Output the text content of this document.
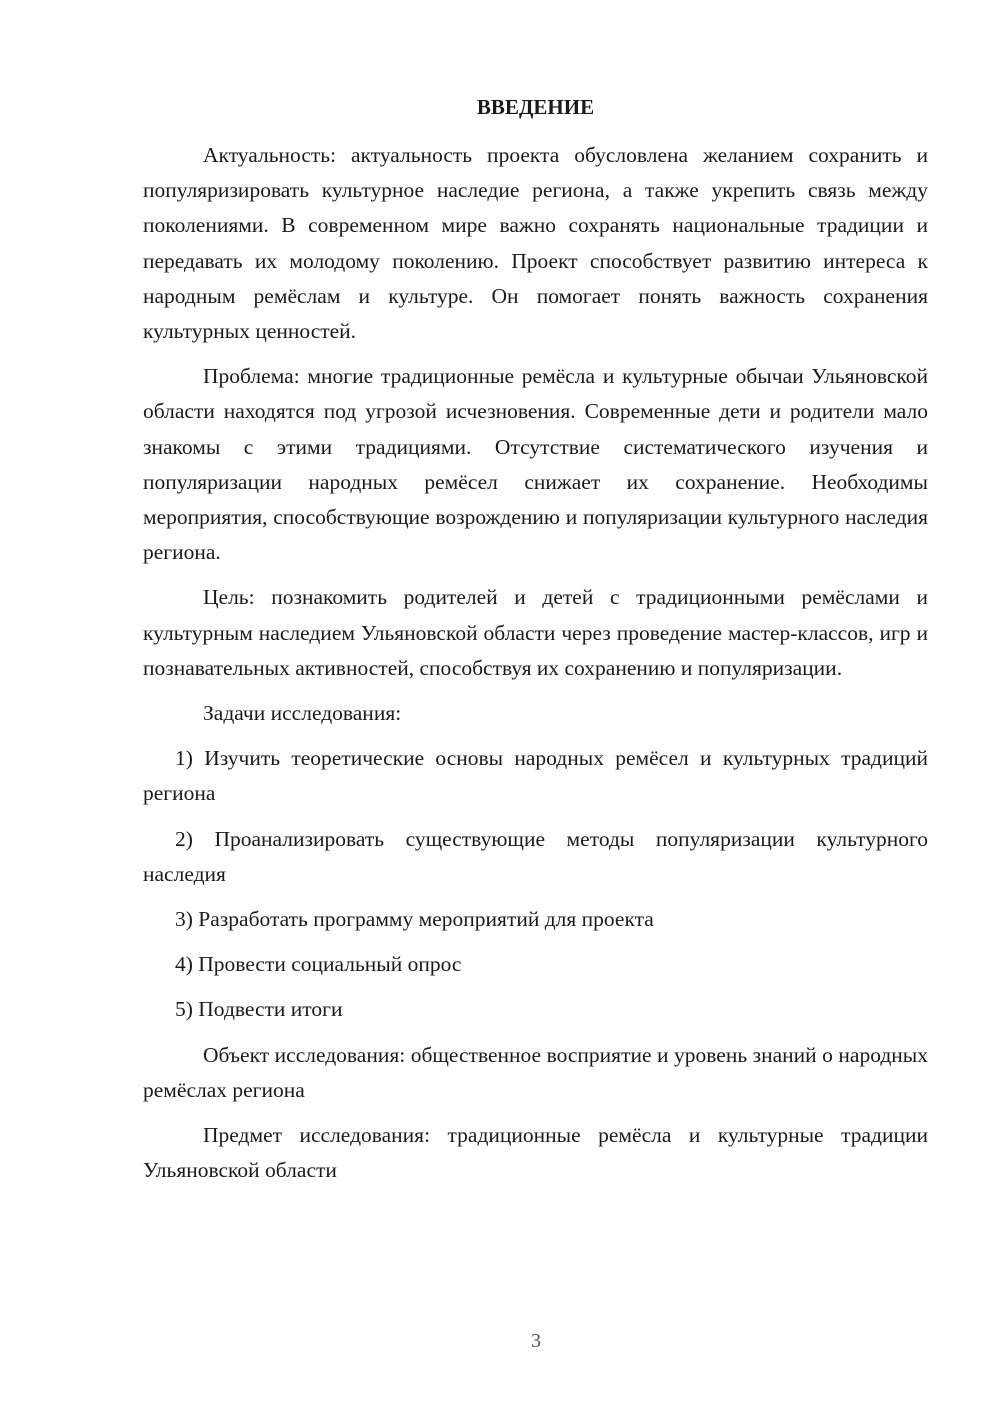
ВВЕДЕНИЕ

Актуальность: актуальность проекта обусловлена желанием сохранить и популяризировать культурное наследие региона, а также укрепить связь между поколениями. В современном мире важно сохранять национальные традиции и передавать их молодому поколению. Проект способствует развитию интереса к народным ремёслам и культуре. Он помогает понять важность сохранения культурных ценностей.

Проблема: многие традиционные ремёсла и культурные обычаи Ульяновской области находятся под угрозой исчезновения. Современные дети и родители мало знакомы с этими традициями. Отсутствие систематического изучения и популяризации народных ремёсел снижает их сохранение. Необходимы мероприятия, способствующие возрождению и популяризации культурного наследия региона.

Цель: познакомить родителей и детей с традиционными ремёслами и культурным наследием Ульяновской области через проведение мастер-классов, игр и познавательных активностей, способствуя их сохранению и популяризации.

Задачи исследования:

1) Изучить теоретические основы народных ремёсел и культурных традиций региона

2) Проанализировать существующие методы популяризации культурного наследия

3) Разработать программу мероприятий для проекта

4) Провести социальный опрос

5) Подвести итоги

Объект исследования: общественное восприятие и уровень знаний о народных ремёслах региона

Предмет исследования: традиционные ремёсла и культурные традиции Ульяновской области

3
